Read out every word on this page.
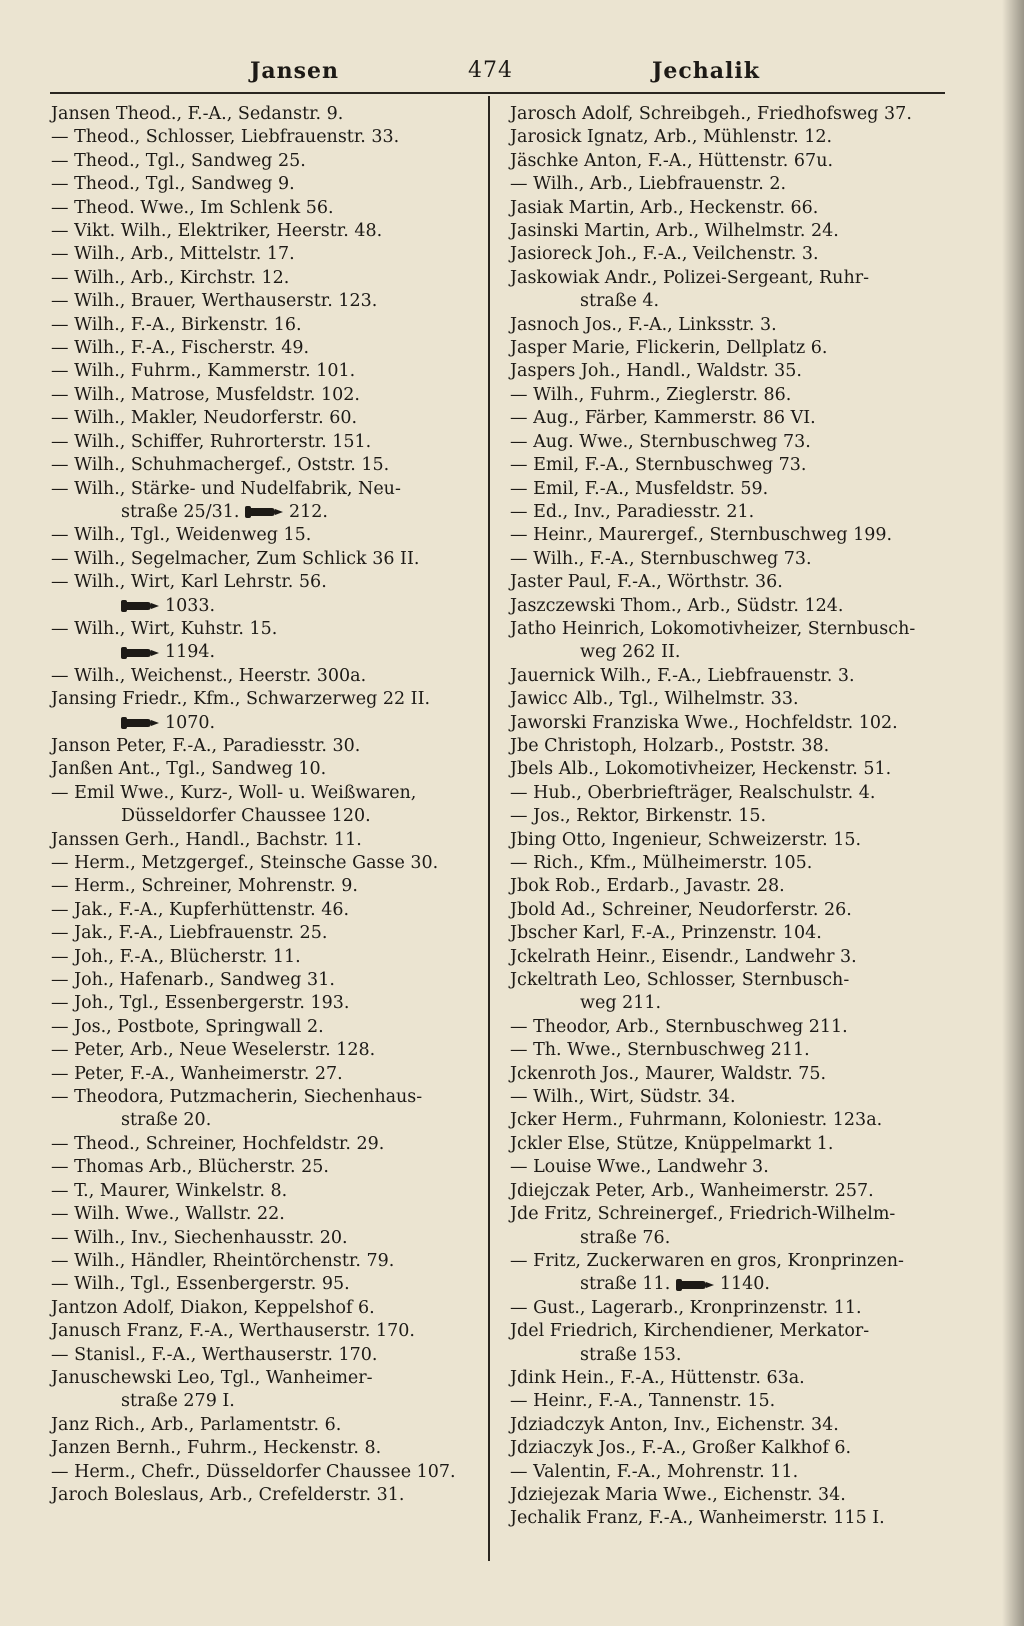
Jansen	474	Jechalik
Jansen Theod., F.-A., Sedanstr. 9.
— Theod., Schlosser, Liebfrauenstr. 33.
— Theod., Tgl., Sandweg 25.
— Theod., Tgl., Sandweg 9.
— Theod. Wwe., Im Schlenk 56.
— Vikt. Wilh., Elektriker, Heerstr. 48.
— Wilh., Arb., Mittelstr. 17.
— Wilh., Arb., Kirchstr. 12.
— Wilh., Brauer, Werthauserstr. 123.
— Wilh., F.-A., Birkenstr. 16.
— Wilh., F.-A., Fischerstr. 49.
— Wilh., Fuhrm., Kammerstr. 101.
— Wilh., Matrose, Musfeldstr. 102.
— Wilh., Makler, Neudorferstr. 60.
— Wilh., Schiffer, Ruhrorterstr. 151.
— Wilh., Schuhmachergef., Oststr. 15.
— Wilh., Stärke- und Nudelfabrik, Neu-
straße 25/31.	212.
— Wilh., Tgl., Weidenweg 15.
— Wilh., Segelmacher, Zum Schlick 36 II.
— Wilh., Wirt, Karl Lehrstr. 56.
1033.
— Wilh., Wirt, Kuhstr. 15.
1194.
— Wilh., Weichenst., Heerstr. 300a.
Jansing Friedr., Kfm., Schwarzerweg 22 II.
1070.
Janson Peter, F.-A., Paradiesstr. 30.
Janßen Ant., Tgl., Sandweg 10.
— Emil Wwe., Kurz-, Woll- u. Weißwaren,
Düsseldorfer Chaussee 120.
Janssen Gerh., Handl., Bachstr. 11.
— Herm., Metzgergef., Steinsche Gasse 30.
— Herm., Schreiner, Mohrenstr. 9.
— Jak., F.-A., Kupferhüttenstr. 46.
— Jak., F.-A., Liebfrauenstr. 25.
— Joh., F.-A., Blücherstr. 11.
— Joh., Hafenarb., Sandweg 31.
— Joh., Tgl., Essenbergerstr. 193.
— Jos., Postbote, Springwall 2.
— Peter, Arb., Neue Weselerstr. 128.
— Peter, F.-A., Wanheimerstr. 27.
— Theodora, Putzmacherin, Siechenhaus-
straße 20.
— Theod., Schreiner, Hochfeldstr. 29.
— Thomas Arb., Blücherstr. 25.
— T., Maurer, Winkelstr. 8.
— Wilh. Wwe., Wallstr. 22.
— Wilh., Inv., Siechenhausstr. 20.
— Wilh., Händler, Rheintörchenstr. 79.
— Wilh., Tgl., Essenbergerstr. 95.
Jantzon Adolf, Diakon, Keppelshof 6.
Janusch Franz, F.-A., Werthauserstr. 170.
— Stanisl., F.-A., Werthauserstr. 170.
Januschewski Leo, Tgl., Wanheimer-
straße 279 I.
Janz Rich., Arb., Parlamentstr. 6.
Janzen Bernh., Fuhrm., Heckenstr. 8.
— Herm., Chefr., Düsseldorfer Chaussee 107.
Jaroch Boleslaus, Arb., Crefelderstr. 31.
Jarosch Adolf, Schreibgeh., Friedhofsweg 37.
Jarosick Ignatz, Arb., Mühlenstr. 12.
Jäschke Anton, F.-A., Hüttenstr. 67u.
— Wilh., Arb., Liebfrauenstr. 2.
Jasiak Martin, Arb., Heckenstr. 66.
Jasinski Martin, Arb., Wilhelmstr. 24.
Jasioreck Joh., F.-A., Veilchenstr. 3.
Jaskowiak Andr., Polizei-Sergeant, Ruhr-
straße 4.
Jasnoch Jos., F.-A., Linksstr. 3.
Jasper Marie, Flickerin, Dellplatz 6.
Jaspers Joh., Handl., Waldstr. 35.
— Wilh., Fuhrm., Zieglerstr. 86.
— Aug., Färber, Kammerstr. 86 VI.
— Aug. Wwe., Sternbuschweg 73.
— Emil, F.-A., Sternbuschweg 73.
— Emil, F.-A., Musfeldstr. 59.
— Ed., Inv., Paradiesstr. 21.
— Heinr., Maurergef., Sternbuschweg 199.
— Wilh., F.-A., Sternbuschweg 73.
Jaster Paul, F.-A., Wörthstr. 36.
Jaszczewski Thom., Arb., Südstr. 124.
Jatho Heinrich, Lokomotivheizer, Sternbusch-
weg 262 II.
Jauernick Wilh., F.-A., Liebfrauenstr. 3.
Jawicc Alb., Tgl., Wilhelmstr. 33.
Jaworski Franziska Wwe., Hochfeldstr. 102.
Jbe Christoph, Holzarb., Poststr. 38.
Jbels Alb., Lokomotivheizer, Heckenstr. 51.
— Hub., Oberbriefträger, Realschulstr. 4.
— Jos., Rektor, Birkenstr. 15.
Jbing Otto, Ingenieur, Schweizerstr. 15.
— Rich., Kfm., Mülheimerstr. 105.
Jbok Rob., Erdarb., Javastr. 28.
Jbold Ad., Schreiner, Neudorferstr. 26.
Jbscher Karl, F.-A., Prinzenstr. 104.
Jckelrath Heinr., Eisendr., Landwehr 3.
Jckeltrath Leo, Schlosser, Sternbusch-
weg 211.
— Theodor, Arb., Sternbuschweg 211.
— Th. Wwe., Sternbuschweg 211.
Jckenroth Jos., Maurer, Waldstr. 75.
— Wilh., Wirt, Südstr. 34.
Jcker Herm., Fuhrmann, Koloniestr. 123a.
Jckler Else, Stütze, Knüppelmarkt 1.
— Louise Wwe., Landwehr 3.
Jdiejczak Peter, Arb., Wanheimerstr. 257.
Jde Fritz, Schreinergef., Friedrich-Wilhelm-
straße 76.
— Fritz, Zuckerwaren en gros, Kronprinzen-
straße 11.	1140.
— Gust., Lagerarb., Kronprinzenstr. 11.
Jdel Friedrich, Kirchendiener, Merkator-
straße 153.
Jdink Hein., F.-A., Hüttenstr. 63a.
— Heinr., F.-A., Tannenstr. 15.
Jdziadczyk Anton, Inv., Eichenstr. 34.
Jdziaczyk Jos., F.-A., Großer Kalkhof 6.
— Valentin, F.-A., Mohrenstr. 11.
Jdziejezak Maria Wwe., Eichenstr. 34.
Jechalik Franz, F.-A., Wanheimerstr. 115 I.
